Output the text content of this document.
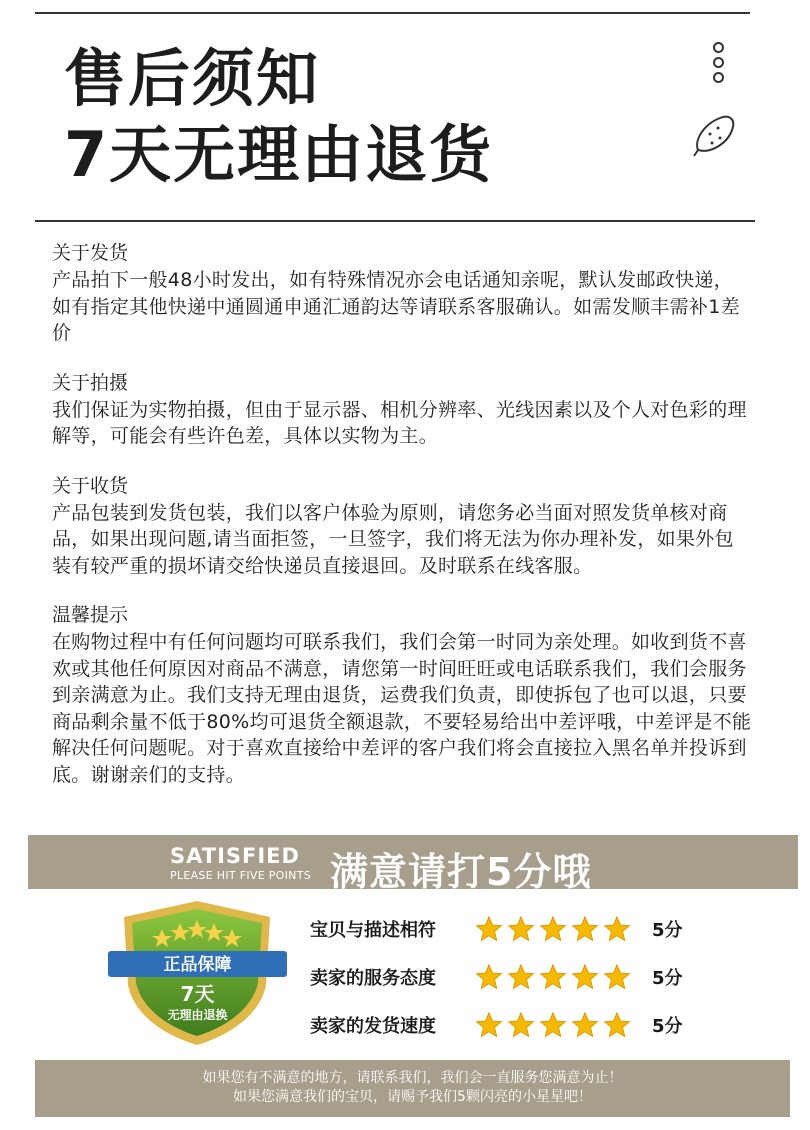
售后须知
7天无理由退货
关于发货
产品拍下一般48小时发出，如有特殊情况亦会电话通知亲呢，默认发邮政快递，如有指定其他快递中通圆通申通汇通韵达等请联系客服确认。如需发顺丰需补1差价
关于拍摄
我们保证为实物拍摄，但由于显示器、相机分辨率、光线因素以及个人对色彩的理解等，可能会有些许色差，具体以实物为主。
关于收货
产品包装到发货包装，我们以客户体验为原则，请您务必当面对照发货单核对商品，如果出现问题,请当面拒签，一旦签字，我们将无法为你办理补发，如果外包装有较严重的损坏请交给快递员直接退回。及时联系在线客服。
温馨提示
在购物过程中有任何问题均可联系我们，我们会第一时同为亲处理。如收到货不喜欢或其他任何原因对商品不满意，请您第一时间旺旺或电话联系我们，我们会服务到亲满意为止。我们支持无理由退货，运费我们负责，即使拆包了也可以退，只要商品剩余量不低于80%均可退货全额退款，不要轻易给出中差评哦，中差评是不能解决任何问题呢。对于喜欢直接给中差评的客户我们将会直接拉入黑名单并投诉到底。谢谢亲们的支持。
SATISFIED
PLEASE HIT FIVE POINTS 满意请打5分哦
正品保障
7天
无理由退换
宝贝与描述相符	5分
卖家的服务态度	5分
卖家的发货速度	5分
如果您有不满意的地方，请联系我们，我们会一直服务您满意为止！
如果您满意我们的宝贝，请赐予我们5颗闪亮的小星星吧！
